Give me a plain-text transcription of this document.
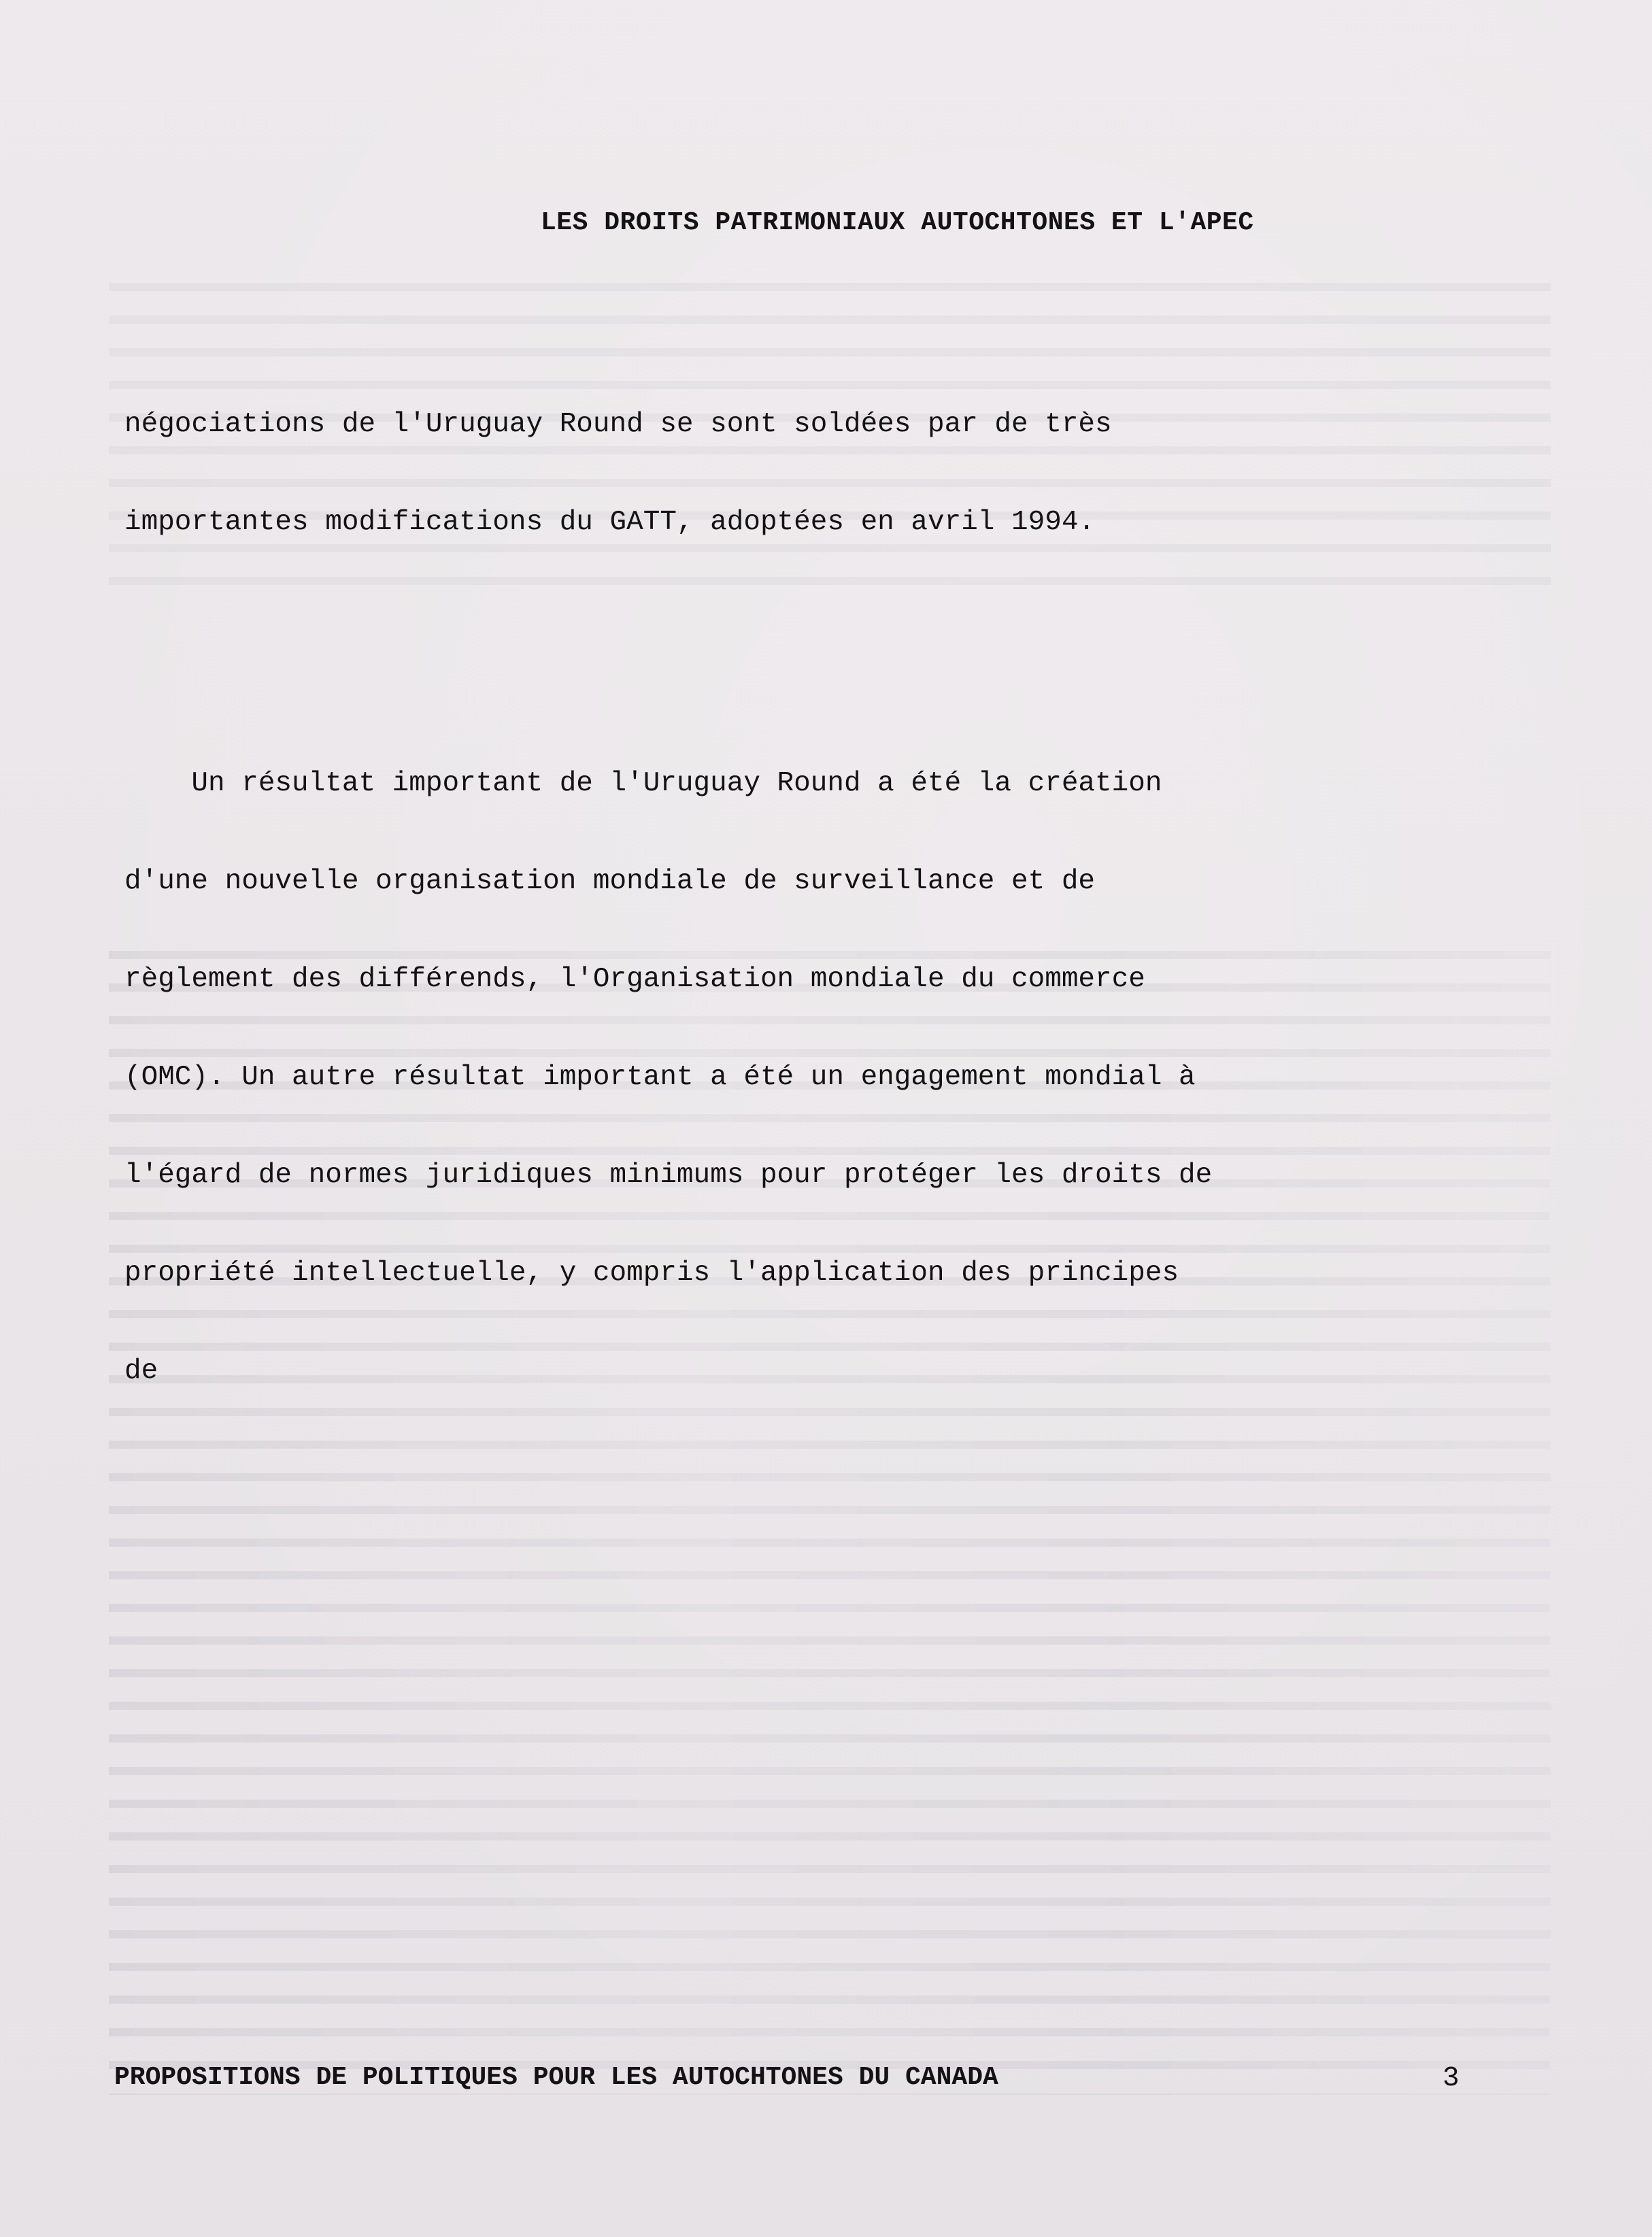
LES DROITS PATRIMONIAUX AUTOCHTONES ET L'APEC

négociations de l'Uruguay Round se sont soldées par de très

importantes modifications du GATT, adoptées en avril 1994.

Un résultat important de l'Uruguay Round a été la création

d'une nouvelle organisation mondiale de surveillance et de

règlement des différends, l'Organisation mondiale du commerce

(OMC). Un autre résultat important a été un engagement mondial à

l'égard de normes juridiques minimums pour protéger les droits de

propriété intellectuelle, y compris l'application des principes

de

PROPOSITIONS DE POLITIQUES POUR LES AUTOCHTONES DU CANADA	3
